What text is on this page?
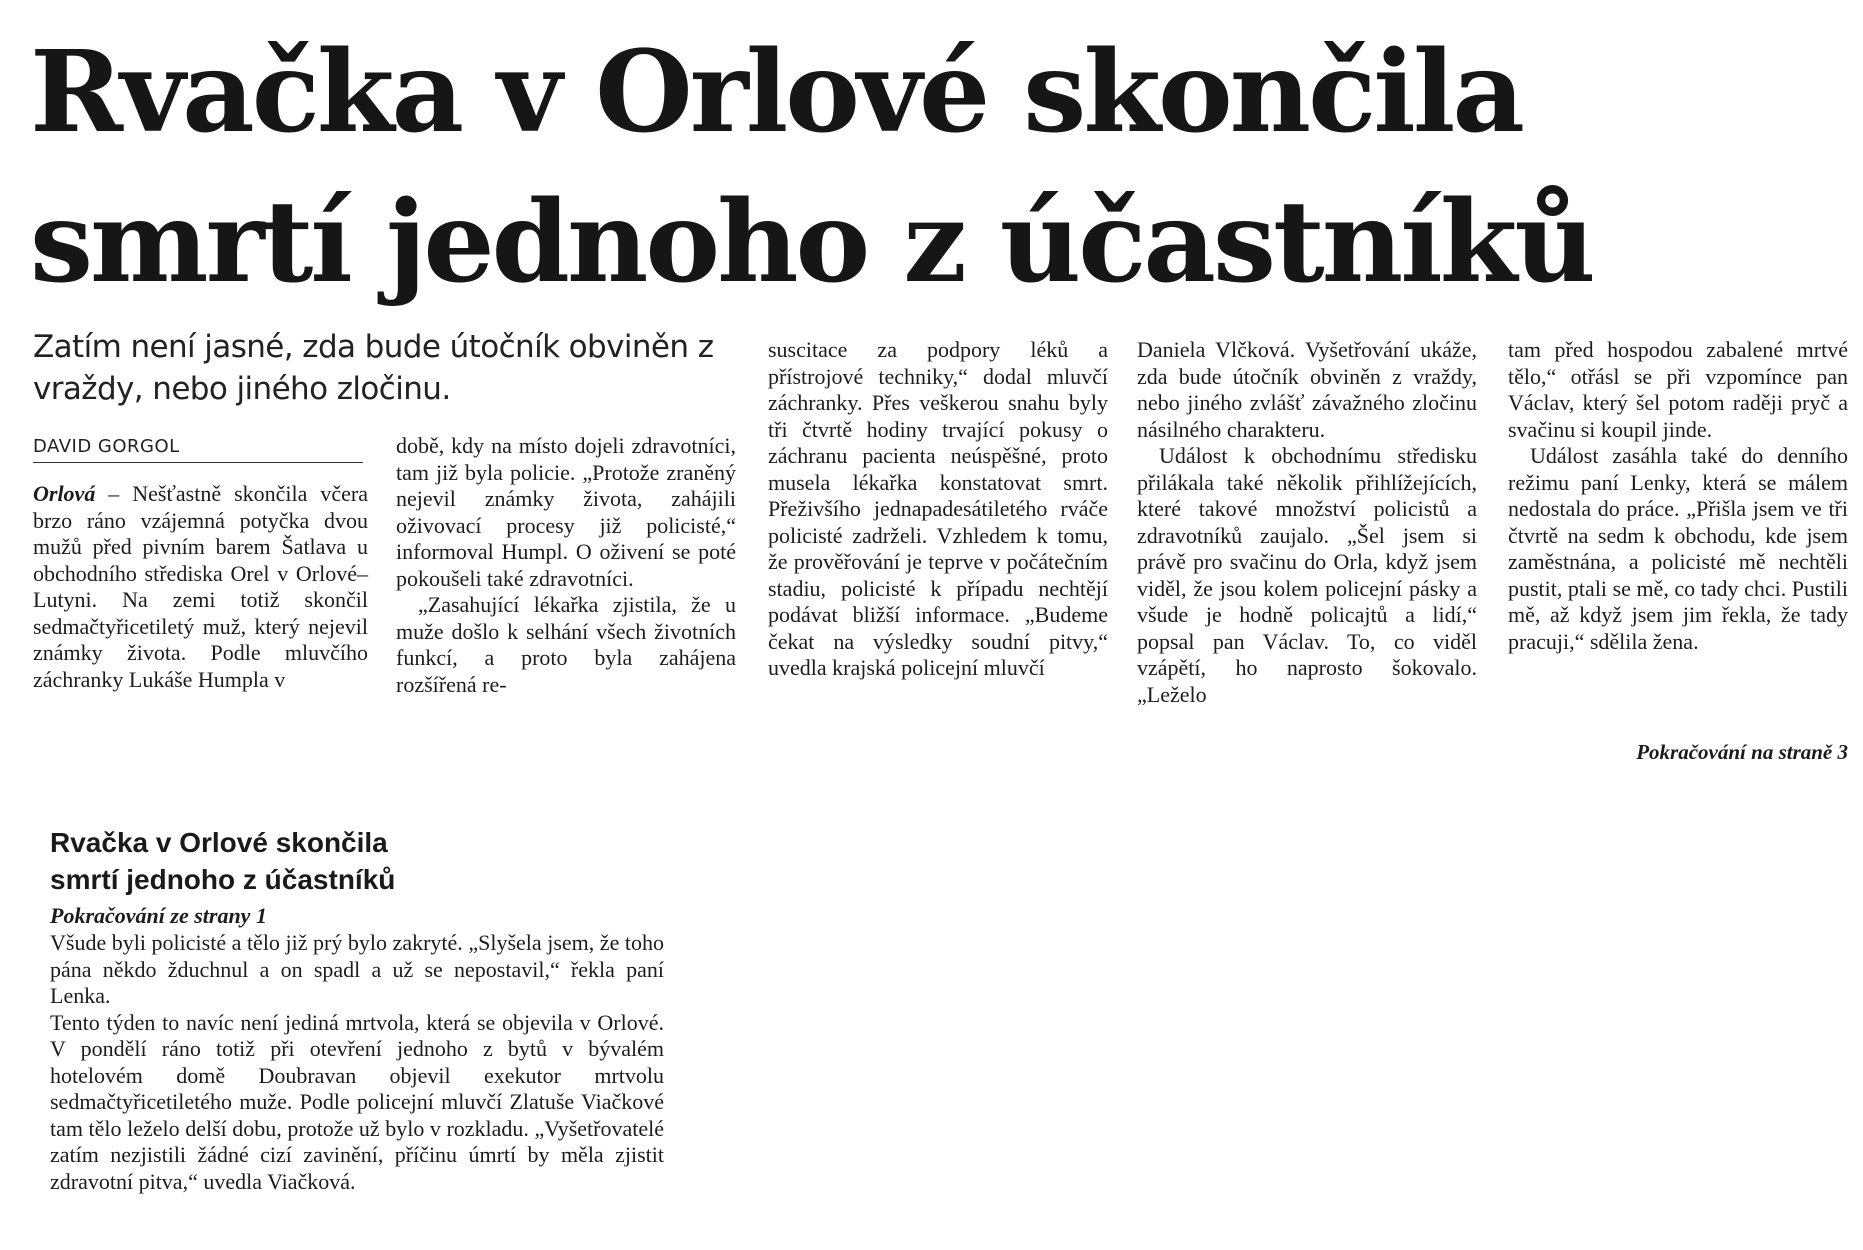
Rvačka v Orlové skončila
smrtí jednoho z účastníků

Zatím není jasné, zda bude útočník obviněn z vraždy, nebo jiného zločinu.

DAVID GORGOL

Orlová – Nešťastně skončila včera brzo ráno vzájemná potyčka dvou mužů před pivním barem Šatlava u obchodního střediska Orel v Orlové–Lutyni. Na zemi totiž skončil sedmačtyřicetiletý muž, který nejevil známky života. Podle mluvčího záchranky Lukáše Humpla v

době, kdy na místo dojeli zdravotníci, tam již byla policie. „Protože zraněný nejevil známky života, zahájili oživovací procesy již policisté,“ informoval Humpl. O oživení se poté pokoušeli také zdravotníci.

„Zasahující lékařka zjistila, že u muže došlo k selhání všech životních funkcí, a proto byla zahájena rozšířená re-

suscitace za podpory léků a přístrojové techniky,“ dodal mluvčí záchranky. Přes veškerou snahu byly tři čtvrtě hodiny trvající pokusy o záchranu pacienta neúspěšné, proto musela lékařka konstatovat smrt. Přeživšího jednapadesátiletého rváče policisté zadrželi. Vzhledem k tomu, že prověřování je teprve v počátečním stadiu, policisté k případu nechtějí podávat bližší informace. „Budeme čekat na výsledky soudní pitvy,“ uvedla krajská policejní mluvčí

Daniela Vlčková. Vyšetřování ukáže, zda bude útočník obviněn z vraždy, nebo jiného zvlášť závažného zločinu násilného charakteru.

Událost k obchodnímu středisku přilákala také několik přihlížejících, které takové množství policistů a zdravotníků zaujalo. „Šel jsem si právě pro svačinu do Orla, když jsem viděl, že jsou kolem policejní pásky a všude je hodně policajtů a lidí,“ popsal pan Václav. To, co viděl vzápětí, ho naprosto šokovalo. „Leželo

tam před hospodou zabalené mrtvé tělo,“ otřásl se při vzpomínce pan Václav, který šel potom raději pryč a svačinu si koupil jinde.

Událost zasáhla také do denního režimu paní Lenky, která se málem nedostala do práce. „Přišla jsem ve tři čtvrtě na sedm k obchodu, kde jsem zaměstnána, a policisté mě nechtěli pustit, ptali se mě, co tady chci. Pustili mě, až když jsem jim řekla, že tady pracuji,“ sdělila žena.

Pokračování na straně 3
Rvačka v Orlové skončila
smrtí jednoho z účastníků
Pokračování ze strany 1

Všude byli policisté a tělo již prý bylo zakryté. „Slyšela jsem, že toho pána někdo žduchnul a on spadl a už se nepostavil,“ řekla paní Lenka.

Tento týden to navíc není jediná mrtvola, která se objevila v Orlové. V pondělí ráno totiž při otevření jednoho z bytů v bývalém hotelovém domě Doubravan objevil exekutor mrtvolu sedmačtyřicetiletého muže. Podle policejní mluvčí Zlatuše Viačkové tam tělo leželo delší dobu, protože už bylo v rozkladu. „Vyšetřovatelé zatím nezjistili žádné cizí zavinění, příčinu úmrtí by měla zjistit zdravotní pitva,“ uvedla Viačková.
